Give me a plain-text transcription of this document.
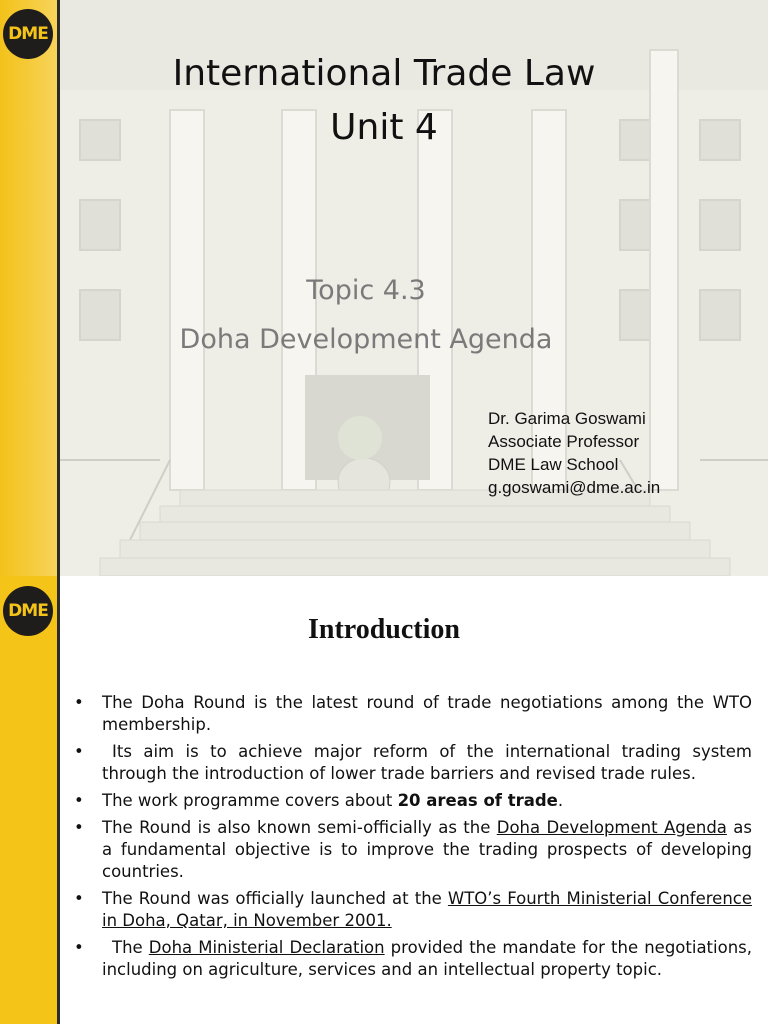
DME
International Trade Law
Unit 4
Topic 4.3
Doha Development Agenda
Dr. Garima Goswami
Associate Professor
DME Law School
g.goswami@dme.ac.in
DME
Introduction
• The Doha Round is the latest round of trade negotiations among the WTO membership.
• Its aim is to achieve major reform of the international trading system through the introduction of lower trade barriers and revised trade rules.
• The work programme covers about 20 areas of trade.
• The Round is also known semi-officially as the Doha Development Agenda as a fundamental objective is to improve the trading prospects of developing countries.
• The Round was officially launched at the WTO’s Fourth Ministerial Conference in Doha, Qatar, in November 2001.
• The Doha Ministerial Declaration provided the mandate for the negotiations, including on agriculture, services and an intellectual property topic.
